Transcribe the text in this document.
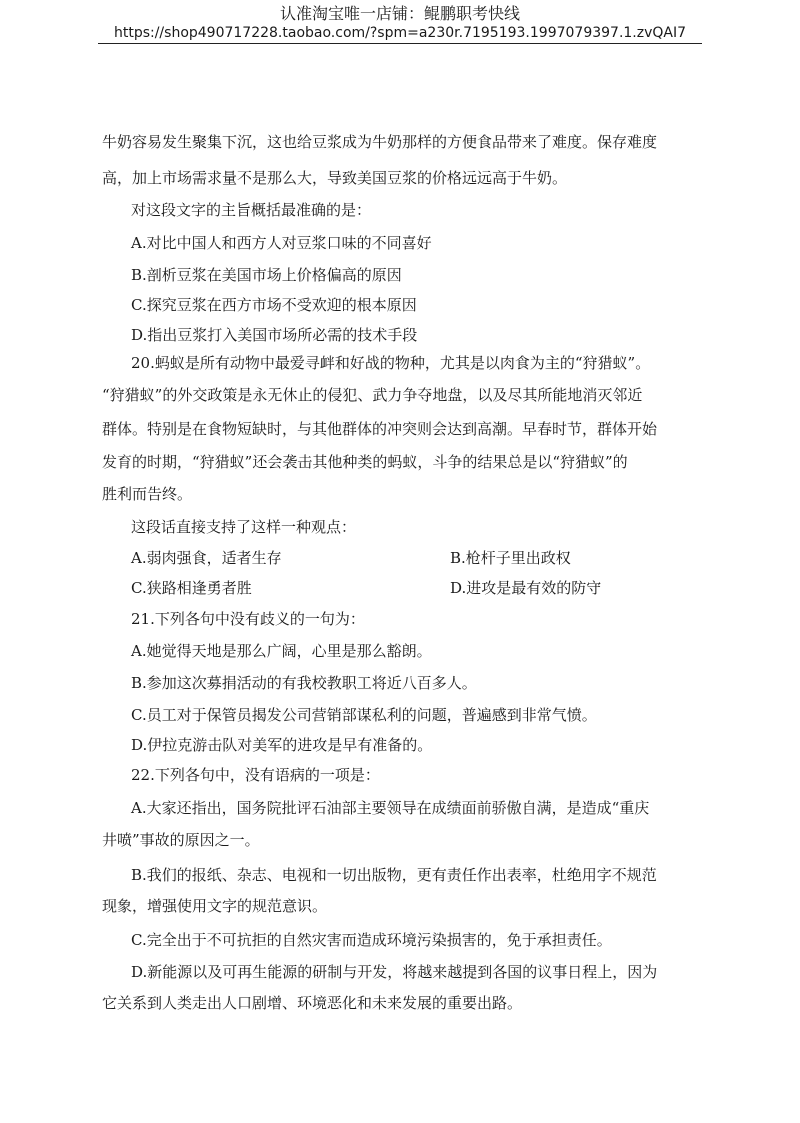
认准淘宝唯一店铺：鲲鹏职考快线
https://shop490717228.taobao.com/?spm=a230r.7195193.1997079397.1.zvQAI7
牛奶容易发生聚集下沉，这也给豆浆成为牛奶那样的方便食品带来了难度。保存难度
高，加上市场需求量不是那么大，导致美国豆浆的价格远远高于牛奶。
对这段文字的主旨概括最准确的是：
A.对比中国人和西方人对豆浆口味的不同喜好
B.剖析豆浆在美国市场上价格偏高的原因
C.探究豆浆在西方市场不受欢迎的根本原因
D.指出豆浆打入美国市场所必需的技术手段
20.蚂蚁是所有动物中最爱寻衅和好战的物种，尤其是以肉食为主的“狩猎蚁”。
“狩猎蚁”的外交政策是永无休止的侵犯、武力争夺地盘，以及尽其所能地消灭邻近
群体。特别是在食物短缺时，与其他群体的冲突则会达到高潮。早春时节，群体开始
发育的时期，“狩猎蚁”还会袭击其他种类的蚂蚁，斗争的结果总是以“狩猎蚁”的
胜利而告终。
这段话直接支持了这样一种观点：
A.弱肉强食，适者生存	B.枪杆子里出政权
C.狭路相逢勇者胜	D.进攻是最有效的防守
21.下列各句中没有歧义的一句为：
A.她觉得天地是那么广阔，心里是那么豁朗。
B.参加这次募捐活动的有我校教职工将近八百多人。
C.员工对于保管员揭发公司营销部谋私利的问题，普遍感到非常气愤。
D.伊拉克游击队对美军的进攻是早有准备的。
22.下列各句中，没有语病的一项是：
A.大家还指出，国务院批评石油部主要领导在成绩面前骄傲自满，是造成“重庆
井喷”事故的原因之一。
B.我们的报纸、杂志、电视和一切出版物，更有责任作出表率，杜绝用字不规范
现象，增强使用文字的规范意识。
C.完全出于不可抗拒的自然灾害而造成环境污染损害的，免于承担责任。
D.新能源以及可再生能源的研制与开发，将越来越提到各国的议事日程上，因为
它关系到人类走出人口剧增、环境恶化和未来发展的重要出路。
